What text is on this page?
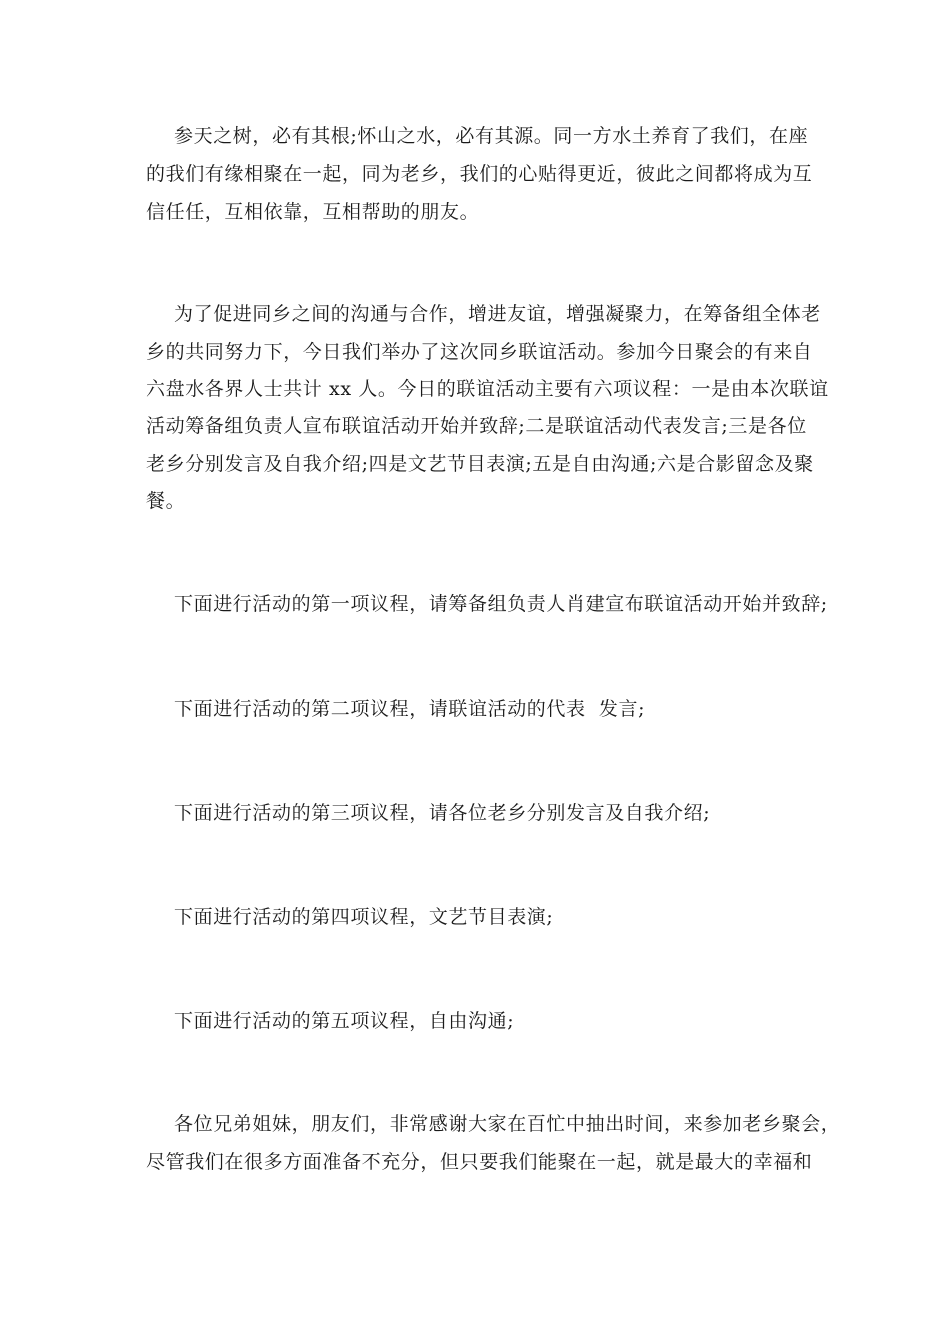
参天之树，必有其根;怀山之水，必有其源。同一方水土养育了我们，在座
的我们有缘相聚在一起，同为老乡，我们的心贴得更近，彼此之间都将成为互
信任任，互相依靠，互相帮助的朋友。
为了促进同乡之间的沟通与合作，增进友谊，增强凝聚力，在筹备组全体老
乡的共同努力下，今日我们举办了这次同乡联谊活动。参加今日聚会的有来自
六盘水各界人士共计 xx 人。今日的联谊活动主要有六项议程：一是由本次联谊
活动筹备组负责人宣布联谊活动开始并致辞;二是联谊活动代表发言;三是各位
老乡分别发言及自我介绍;四是文艺节目表演;五是自由沟通;六是合影留念及聚
餐。
下面进行活动的第一项议程，请筹备组负责人肖建宣布联谊活动开始并致辞;
下面进行活动的第二项议程，请联谊活动的代表  发言;
下面进行活动的第三项议程，请各位老乡分别发言及自我介绍;
下面进行活动的第四项议程，文艺节目表演;
下面进行活动的第五项议程，自由沟通;
各位兄弟姐妹，朋友们，非常感谢大家在百忙中抽出时间，来参加老乡聚会，
尽管我们在很多方面准备不充分，但只要我们能聚在一起，就是最大的幸福和
